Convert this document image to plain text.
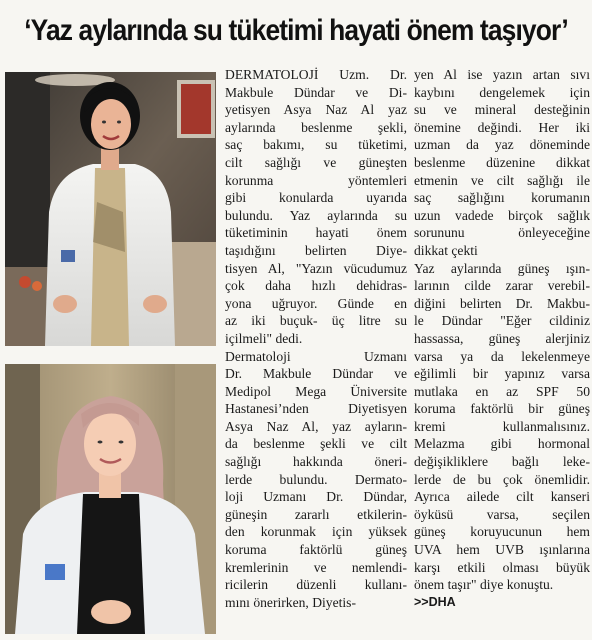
‘Yaz aylarında su tüketimi hayati önem taşıyor’
DERMATOLOJİ Uzm. Dr.
Makbule Dündar ve Di-
yetisyen Asya Naz Al yaz
aylarında beslenme şekli,
saç bakımı, su tüketimi,
cilt sağlığı ve güneşten
korunma yöntemleri
gibi konularda uyarıda
bulundu. Yaz aylarında su
tüketiminin hayati önem
taşıdığını belirten Diye-
tisyen Al, "Yazın vücudumuz
çok daha hızlı dehidras-
yona uğruyor. Günde en
az iki buçuk- üç litre su
içilmeli" dedi.
Dermatoloji Uzmanı
Dr. Makbule Dündar ve
Medipol Mega Üniversite
Hastanesi’nden Diyetisyen
Asya Naz Al, yaz ayların-
da beslenme şekli ve cilt
sağlığı hakkında öneri-
lerde bulundu. Dermato-
loji Uzmanı Dr. Dündar,
güneşin zararlı etkilerin-
den korunmak için yüksek
koruma faktörlü güneş
kremlerinin ve nemlendi-
ricilerin düzenli kullanı-
mını önerirken, Diyetis-
yen Al ise yazın artan sıvı
kaybını dengelemek için
su ve mineral desteğinin
önemine değindi. Her iki
uzman da yaz döneminde
beslenme düzenine dikkat
etmenin ve cilt sağlığı ile
saç sağlığını korumanın
uzun vadede birçok sağlık
sorununu önleyeceğine
dikkat çekti
Yaz aylarında güneş ışın-
larının cilde zarar verebil-
diğini belirten Dr. Makbu-
le Dündar "Eğer cildiniz
hassassa, güneş alerjiniz
varsa ya da lekelenmeye
eğilimli bir yapınız varsa
mutlaka en az SPF 50
koruma faktörlü bir güneş
kremi kullanmalısınız.
Melazma gibi hormonal
değişikliklere bağlı leke-
lerde de bu çok önemlidir.
Ayrıca ailede cilt kanseri
öyküsü varsa, seçilen
güneş koruyucunun hem
UVA hem UVB ışınlarına
karşı etkili olması büyük
önem taşır" diye konuştu.
>>DHA
